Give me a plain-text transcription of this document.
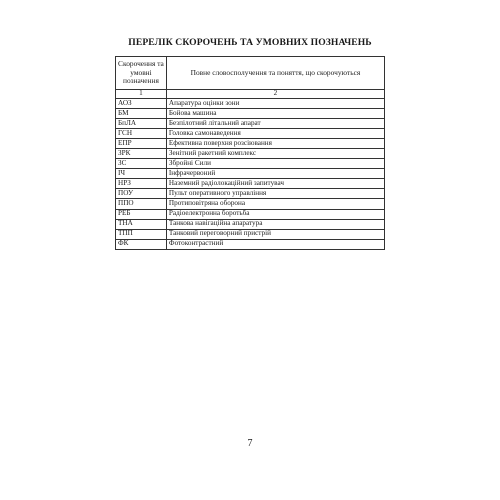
ПЕРЕЛІК СКОРОЧЕНЬ ТА УМОВНИХ ПОЗНАЧЕНЬ
Скорочення та умовні позначення	Повне словосполучення та поняття, що скорочуються
1	2
АОЗ	Апаратура оцінки зони
БМ	Бойова машина
БпЛА	Безпілотний літальний апарат
ГСН	Головка самонаведення
ЕПР	Ефективна поверхня розсіювання
ЗРК	Зенітний ракетний комплекс
ЗС	Збройні Сили
ІЧ	Інфрачервоний
НРЗ	Наземний радіолокаційний запитувач
ПОУ	Пульт оперативного управління
ППО	Протиповітряна оборона
РЕБ	Радіоелектронна боротьба
ТНА	Танкова навігаційна апаратура
ТПП	Танковий переговорний пристрій
ФК	Фотоконтрастний
7
